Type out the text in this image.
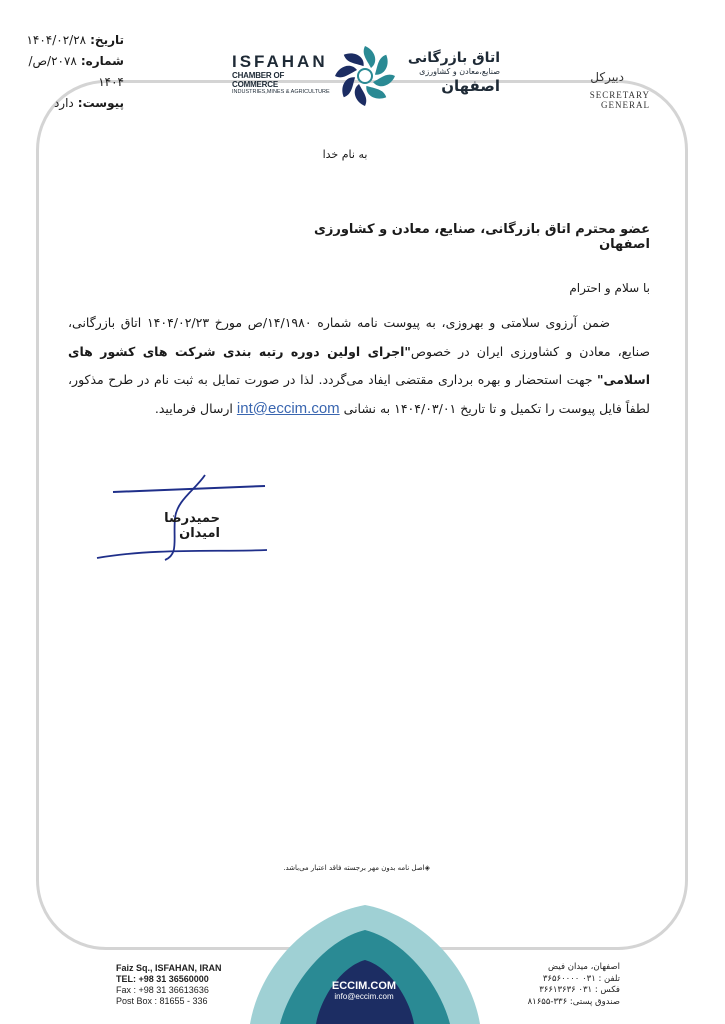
تاریخ:۱۴۰۴/۰۲/۲۸
شماره:۲۰۷۸/ص/۱۴۰۴
پیوست:دارد
ISFAHAN
CHAMBER OF COMMERCE
INDUSTRIES,MINES & AGRICULTURE
اتاق بازرگانی
صنایع،معادن و کشاورزی
اصفهان	دبیرکل
SECRETARY GENERAL
به نام خدا
عضو محترم اتاق بازرگانی، صنایع، معادن و کشاورزی اصفهان
با سلام و احترام
ضمن آرزوی سلامتی و بهروزی، به پیوست نامه شماره ۱۴/۱۹۸۰/ص مورخ ۱۴۰۴/۰۲/۲۳ اتاق بازرگانی، صنایع، معادن و کشاورزی ایران در خصوص"اجرای اولین دوره رتبه بندی شرکت های کشور های اسلامی" جهت استحضار و بهره برداری مقتضی ایفاد می‌گردد. لذا در صورت تمایل به ثبت نام در طرح مذکور، لطفاً فایل پیوست را تکمیل و تا تاریخ ۱۴۰۴/۰۳/۰۱ به نشانیint@eccim.comارسال فرمایید.
حمیدرضا امیدان
◈اصل نامه بدون مهر برجسته فاقد اعتبار می‌باشد.
ECCIM.COM
info@eccim.com
Faiz Sq., ISFAHAN, IRAN
TEL: +98 31 36560000
Fax : +98 31 36613636
Post Box : 81655 - 336
اصفهان، میدان فیض
تلفن : ۰۳۱ ۳۶۵۶۰۰۰۰
فکس : ۰۳۱ ۳۶۶۱۳۶۳۶
صندوق پستی: ۳۳۶-۸۱۶۵۵
